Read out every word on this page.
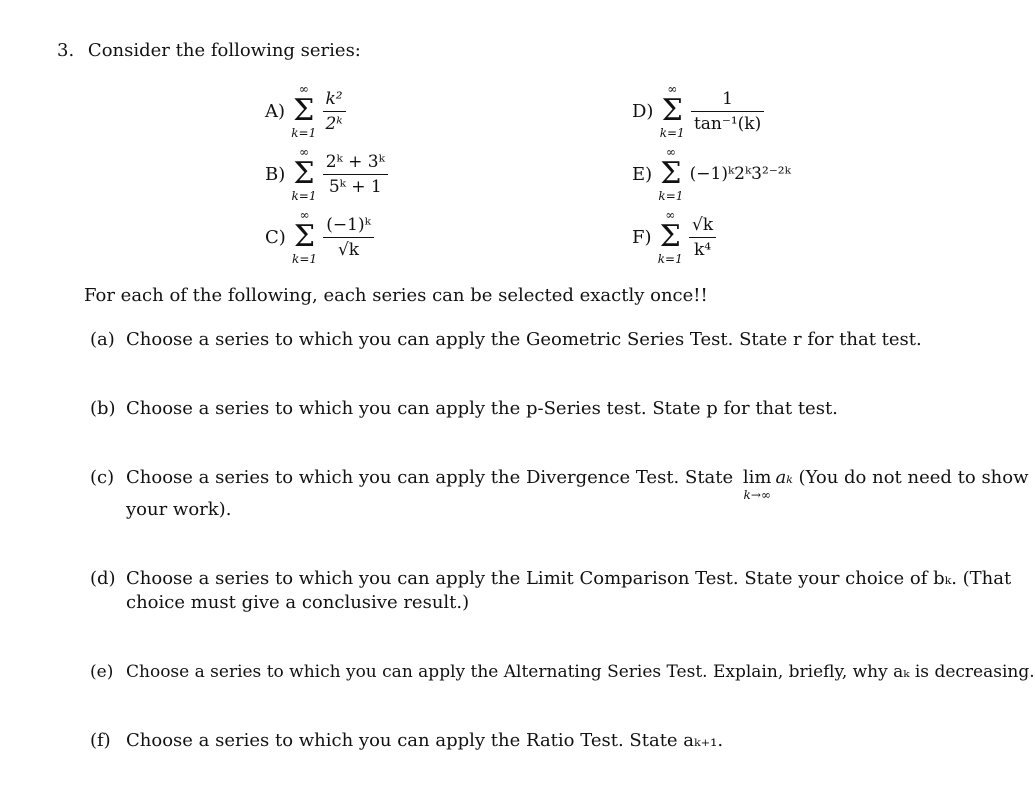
3. Consider the following series:
A)
∞
Σ
k=1
$\frac{\text{k²}}{\text{2ᵏ}}$
B)
∞
Σ
k=1
$\frac{\text{2ᵏ + 3ᵏ}}{\text{5ᵏ + 1}}$
C)
∞
Σ
k=1
$\frac{\text{(−1)ᵏ}}{√k}$
D)
∞
Σ
k=1
$\frac{1}{\text{tan⁻¹(k)}}$
E)
∞
Σ
k=1
(−1)ᵏ2ᵏ3²⁻²ᵏ
F)
∞
Σ
k=1
$\frac{√k}{\text{k⁴}}$
For each of the following, each series can be selected exactly once!!
(a) Choose a series to which you can apply the Geometric Series Test. State r for that test.
(b) Choose a series to which you can apply the p-Series test. State p for that test.
(c) Choose a series to which you can apply the Divergence Test. State lim
k→∞
aₖ (You do not need to show
your work).
(d) Choose a series to which you can apply the Limit Comparison Test. State your choice of bₖ. (That
choice must give a conclusive result.)
(e) Choose a series to which you can apply the Alternating Series Test. Explain, briefly, why aₖ is decreasing.
(f) Choose a series to which you can apply the Ratio Test. State aₖ₊₁.
